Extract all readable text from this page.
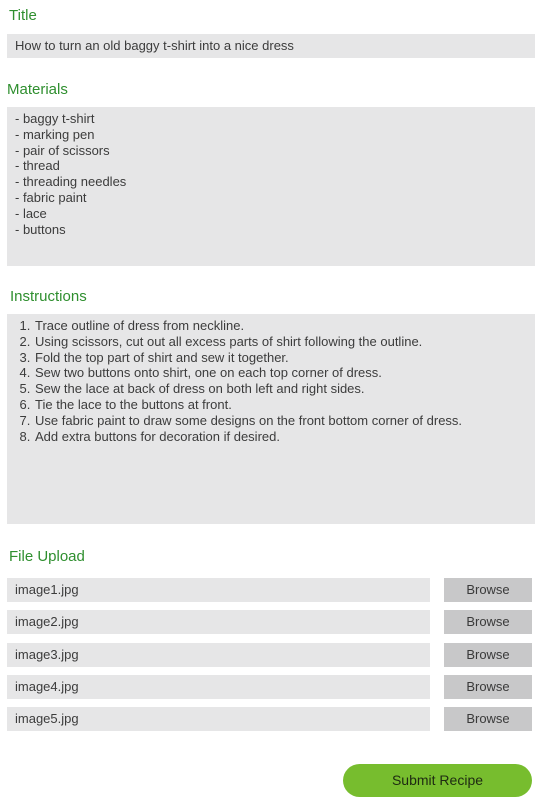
Title
How to turn an old baggy t-shirt into a nice dress
Materials
- baggy t-shirt
- marking pen
- pair of scissors
- thread
- threading needles
- fabric paint
- lace
- buttons
Instructions
1. Trace outline of dress from neckline.
2. Using scissors, cut out all excess parts of shirt following the outline.
3. Fold the top part of shirt and sew it together.
4. Sew two buttons onto shirt, one on each top corner of dress.
5. Sew the lace at back of dress on both left and right sides.
6. Tie the lace to the buttons at front.
7. Use fabric paint to draw some designs on the front bottom corner of dress.
8. Add extra buttons for decoration if desired.
File Upload
image1.jpg	Browse
image2.jpg	Browse
image3.jpg	Browse
image4.jpg	Browse
image5.jpg	Browse
Submit Recipe
